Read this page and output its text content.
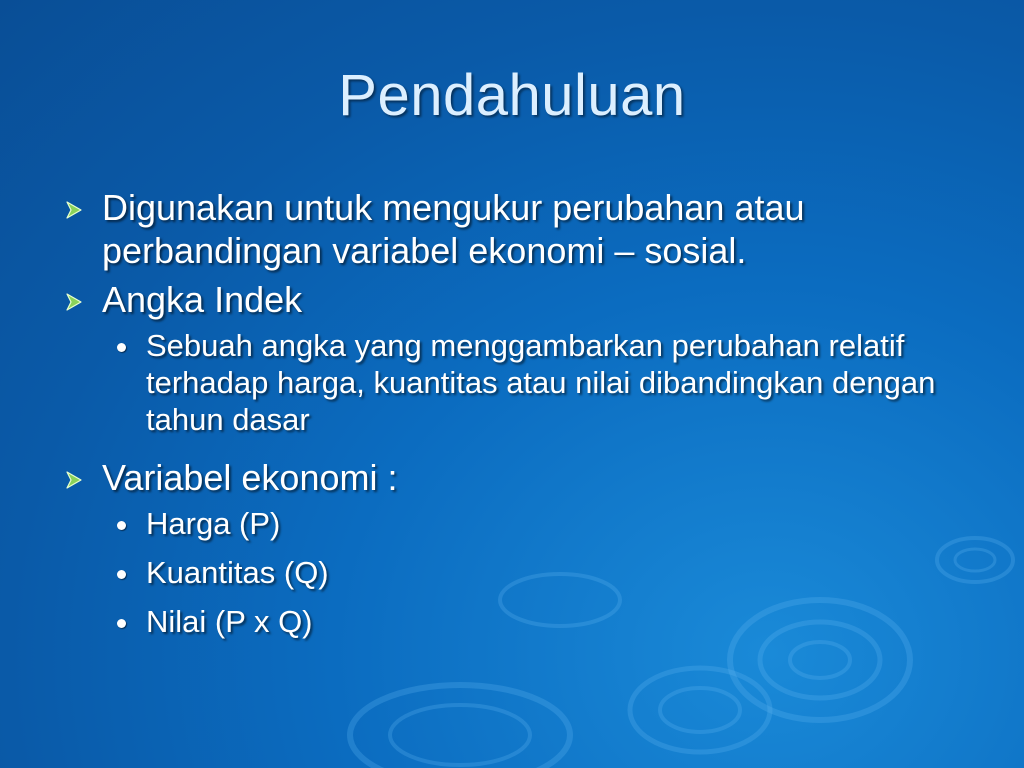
Pendahuluan
Digunakan untuk mengukur perubahan atau perbandingan variabel ekonomi – sosial.
Angka Indek
Sebuah angka yang menggambarkan perubahan relatif terhadap harga, kuantitas atau nilai dibandingkan dengan tahun dasar
Variabel ekonomi :
Harga (P)
Kuantitas (Q)
Nilai (P x Q)
